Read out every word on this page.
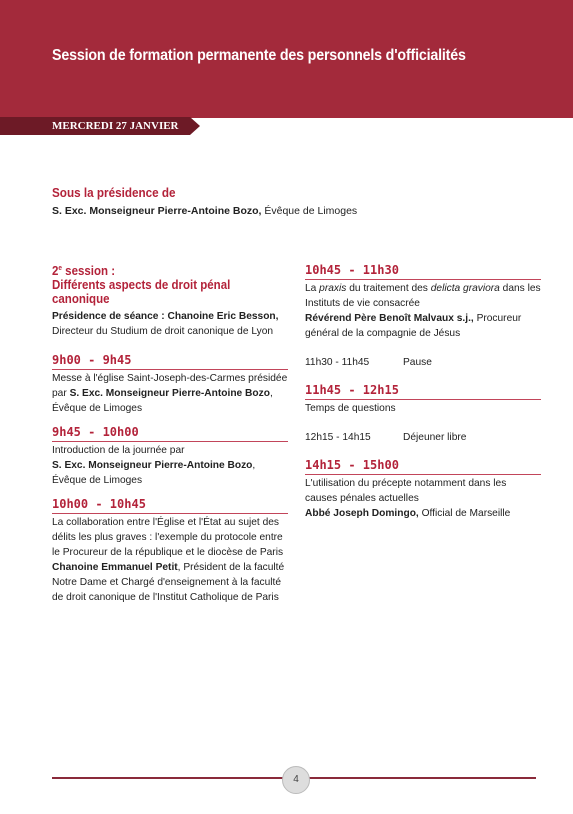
Session de formation permanente des personnels d'officialités
MERCREDI 27 JANVIER
Sous la présidence de
S. Exc. Monseigneur Pierre-Antoine Bozo, Évêque de Limoges
2e session :
Différents aspects de droit pénal canonique

Présidence de séance : Chanoine Eric Besson, Directeur du Studium de droit canonique de Lyon

9h00 - 9h45

Messe à l'église Saint-Joseph-des-Carmes présidée par S. Exc. Monseigneur Pierre-Antoine Bozo, Évêque de Limoges

9h45 - 10h00

Introduction de la journée par
S. Exc. Monseigneur Pierre-Antoine Bozo, Évêque de Limoges

10h00 - 10h45

La collaboration entre l'Église et l'État au sujet des délits les plus graves : l'exemple du protocole entre le Procureur de la république et le diocèse de Paris
Chanoine Emmanuel Petit, Président de la faculté Notre Dame et Chargé d'enseignement à la faculté de droit canonique de l'Institut Catholique de Paris

10h45 - 11h30

La praxis du traitement des delicta graviora dans les Instituts de vie consacrée
Révérend Père Benoît Malvaux s.j., Procureur général de la compagnie de Jésus

11h30 - 11h45	Pause
11h45 - 12h15

Temps de questions

12h15 - 14h15	Déjeuner libre
14h15 - 15h00

L'utilisation du précepte notamment dans les causes pénales actuelles
Abbé Joseph Domingo, Official de Marseille

4
